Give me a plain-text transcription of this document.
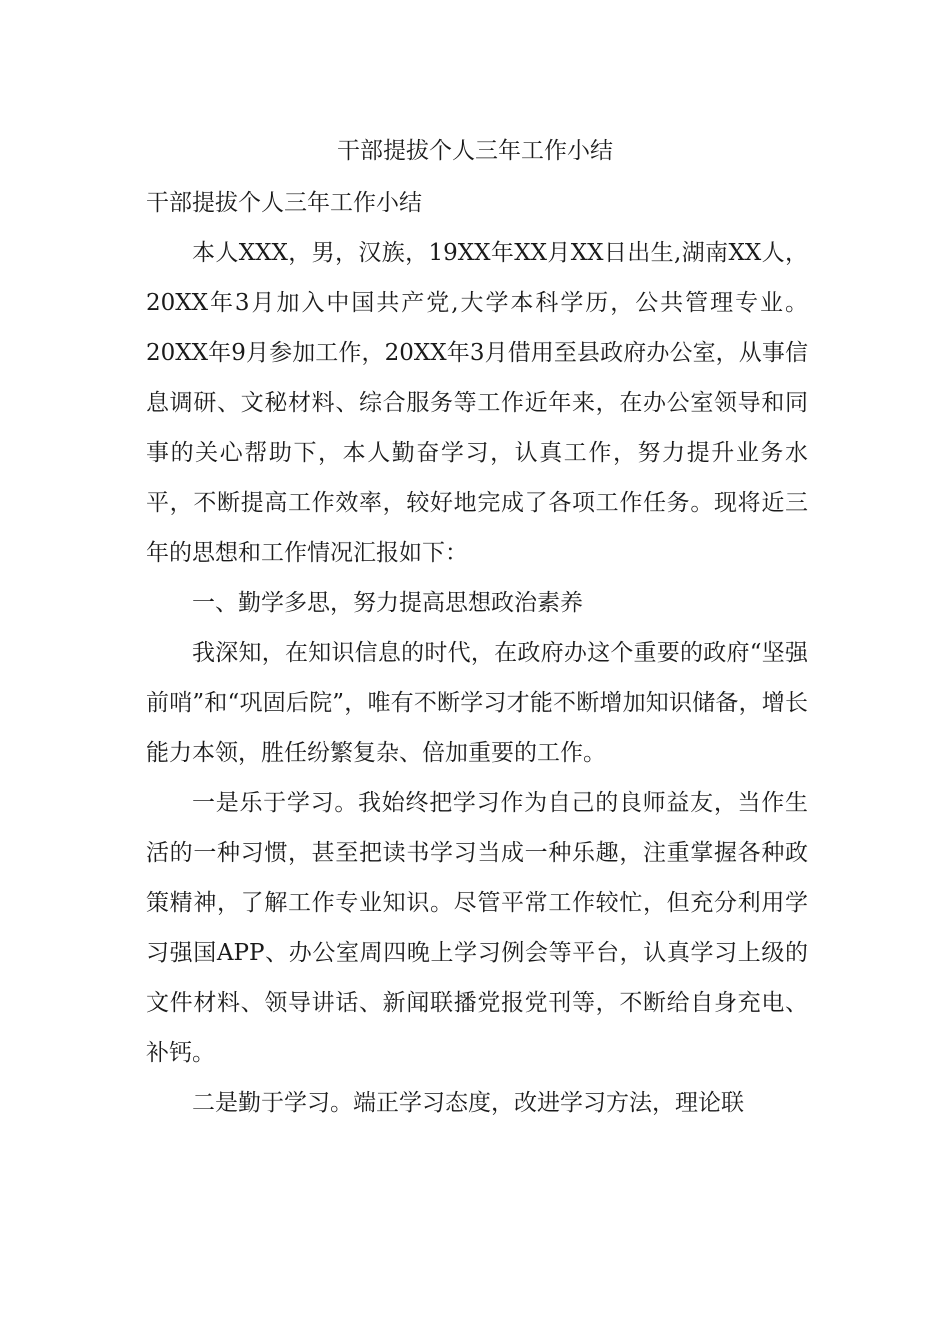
干部提拔个人三年工作小结

干部提拔个人三年工作小结

本人XXX，男，汉族，19XX年XX月XX日出生,湖南XX人，20XX年3月加入中国共产党,大学本科学历，公共管理专业。20XX年9月参加工作，20XX年3月借用至县政府办公室，从事信息调研、文秘材料、综合服务等工作近年来，在办公室领导和同事的关心帮助下，本人勤奋学习，认真工作，努力提升业务水平，不断提高工作效率，较好地完成了各项工作任务。现将近三年的思想和工作情况汇报如下：

一、勤学多思，努力提高思想政治素养

我深知，在知识信息的时代，在政府办这个重要的政府“坚强前哨”和“巩固后院”，唯有不断学习才能不断增加知识储备，增长能力本领，胜任纷繁复杂、倍加重要的工作。

一是乐于学习。我始终把学习作为自己的良师益友，当作生活的一种习惯，甚至把读书学习当成一种乐趣，注重掌握各种政策精神，了解工作专业知识。尽管平常工作较忙，但充分利用学习强国APP、办公室周四晚上学习例会等平台，认真学习上级的文件材料、领导讲话、新闻联播党报党刊等，不断给自身充电、补钙。

二是勤于学习。端正学习态度，改进学习方法，理论联
